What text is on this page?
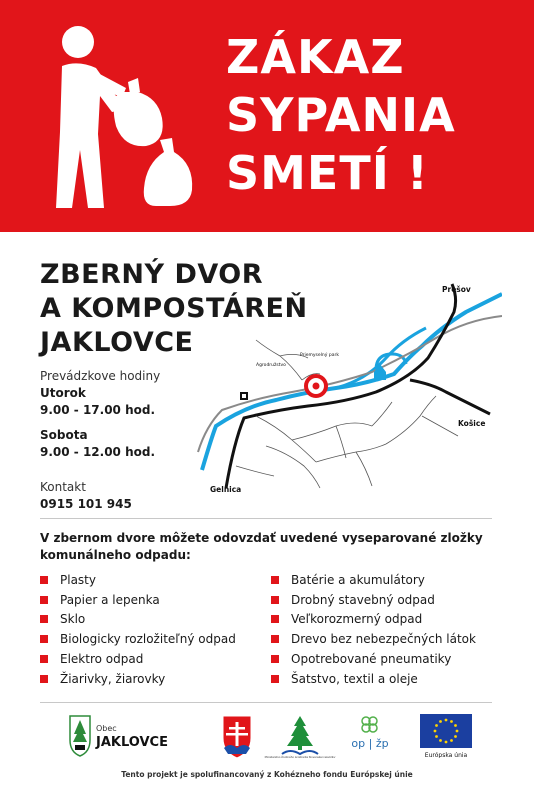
ZÁKAZ
SYPANIA
SMETÍ !
ZBERNÝ DVOR
A KOMPOSTÁREŇ
JAKLOVCE
Prevádzkove hodiny
Utorok
9.00 - 17.00 hod.
Sobota
9.00 - 12.00 hod.
Kontakt
0915 101 945
Prešov
Košice
Gelnica
Priemyselný park
Agrodružstvo
V zbernom dvore môžete odovzdať uvedené vyseparované zložky komunálneho odpadu:
Plasty
Papier a lepenka
Sklo
Biologicky rozložiteľný odpad
Elektro odpad
Žiarivky, žiarovky
Batérie a akumulátory
Drobný stavebný odpad
Veľkorozmerný odpad
Drevo bez nebezpečných látok
Opotrebované pneumatiky
Šatstvo, textil a oleje
Obec
JAKLOVCE
Ministerstvo životného prostredia Slovenskej republiky
op | žp
Európska únia
Tento projekt je spolufinancovaný z Kohézneho fondu Európskej únie
